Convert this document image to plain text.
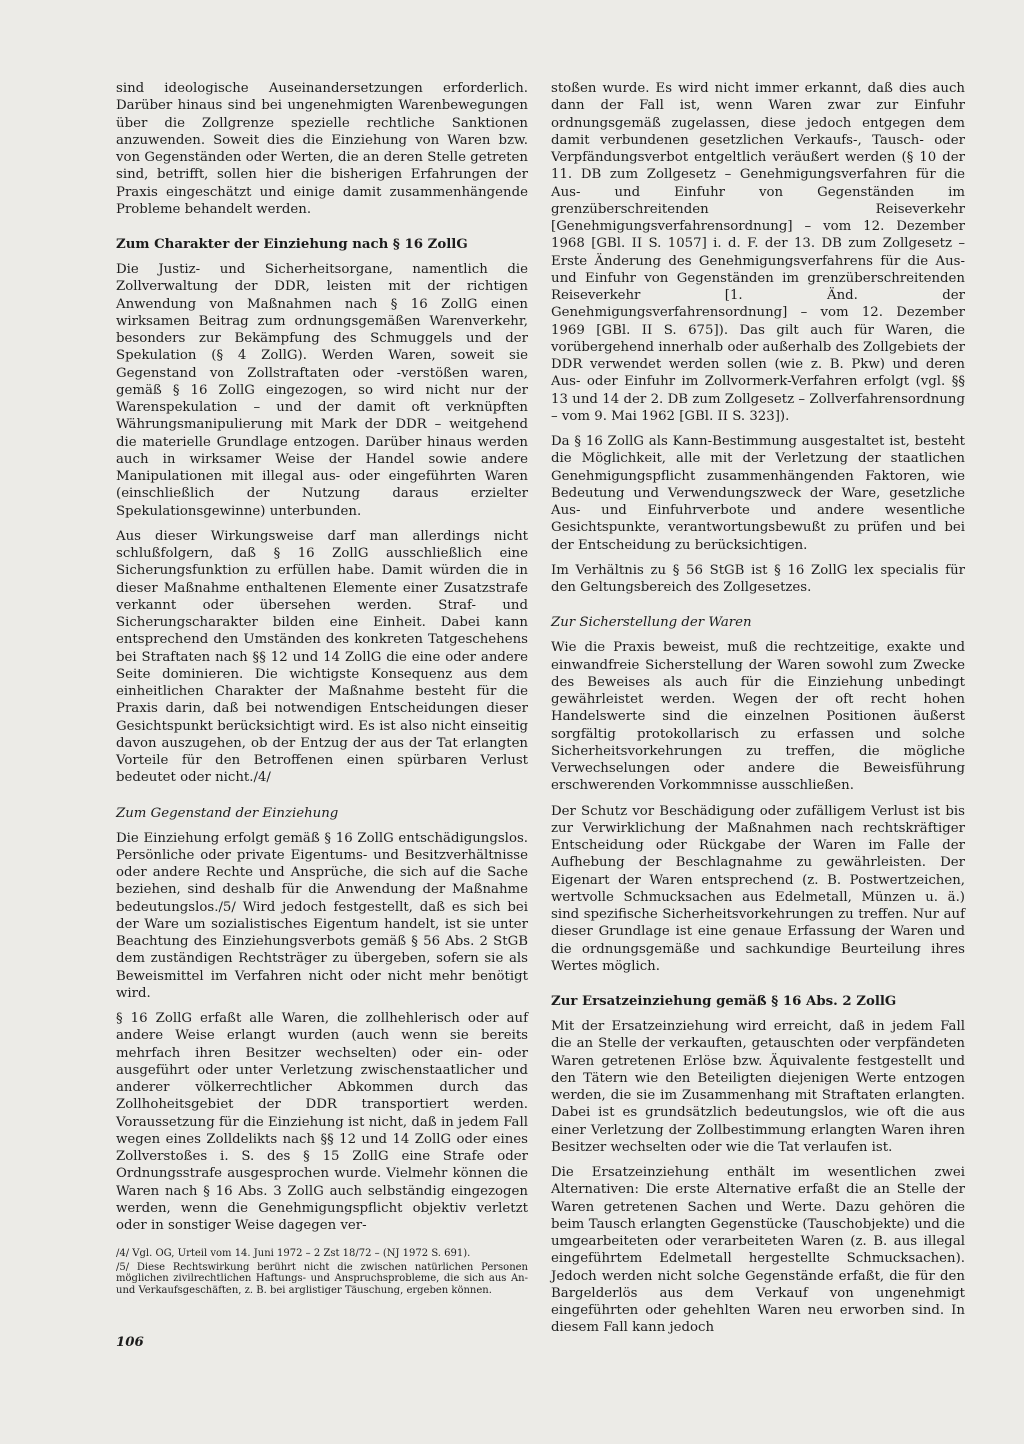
sind ideologische Auseinandersetzungen erforderlich. Darüber hinaus sind bei ungenehmigten Warenbewegungen über die Zollgrenze spezielle rechtliche Sanktionen anzuwenden. Soweit dies die Einziehung von Waren bzw. von Gegenständen oder Werten, die an deren Stelle getreten sind, betrifft, sollen hier die bisherigen Erfahrungen der Praxis eingeschätzt und einige damit zusammenhängende Probleme behandelt werden.

Zum Charakter der Einziehung nach § 16 ZollG

Die Justiz- und Sicherheitsorgane, namentlich die Zollverwaltung der DDR, leisten mit der richtigen Anwendung von Maßnahmen nach § 16 ZollG einen wirksamen Beitrag zum ordnungsgemäßen Warenverkehr, besonders zur Bekämpfung des Schmuggels und der Spekulation (§ 4 ZollG). Werden Waren, soweit sie Gegenstand von Zollstraftaten oder -verstößen waren, gemäß § 16 ZollG eingezogen, so wird nicht nur der Warenspekulation – und der damit oft verknüpften Währungsmanipulierung mit Mark der DDR – weitgehend die materielle Grundlage entzogen. Darüber hinaus werden auch in wirksamer Weise der Handel sowie andere Manipulationen mit illegal aus- oder eingeführten Waren (einschließlich der Nutzung daraus erzielter Spekulationsgewinne) unterbunden.

Aus dieser Wirkungsweise darf man allerdings nicht schlußfolgern, daß § 16 ZollG ausschließlich eine Sicherungsfunktion zu erfüllen habe. Damit würden die in dieser Maßnahme enthaltenen Elemente einer Zusatzstrafe verkannt oder übersehen werden. Straf- und Sicherungscharakter bilden eine Einheit. Dabei kann entsprechend den Umständen des konkreten Tatgeschehens bei Straftaten nach §§ 12 und 14 ZollG die eine oder andere Seite dominieren. Die wichtigste Konsequenz aus dem einheitlichen Charakter der Maßnahme besteht für die Praxis darin, daß bei notwendigen Entscheidungen dieser Gesichtspunkt berücksichtigt wird. Es ist also nicht einseitig davon auszugehen, ob der Entzug der aus der Tat erlangten Vorteile für den Betroffenen einen spürbaren Verlust bedeutet oder nicht./4/

Zum Gegenstand der Einziehung

Die Einziehung erfolgt gemäß § 16 ZollG entschädigungslos. Persönliche oder private Eigentums- und Besitzverhältnisse oder andere Rechte und Ansprüche, die sich auf die Sache beziehen, sind deshalb für die Anwendung der Maßnahme bedeutungslos./5/ Wird jedoch festgestellt, daß es sich bei der Ware um sozialistisches Eigentum handelt, ist sie unter Beachtung des Einziehungsverbots gemäß § 56 Abs. 2 StGB dem zuständigen Rechtsträger zu übergeben, sofern sie als Beweismittel im Verfahren nicht oder nicht mehr benötigt wird.

§ 16 ZollG erfaßt alle Waren, die zollhehlerisch oder auf andere Weise erlangt wurden (auch wenn sie bereits mehrfach ihren Besitzer wechselten) oder ein- oder ausgeführt oder unter Verletzung zwischenstaatlicher und anderer völkerrechtlicher Abkommen durch das Zollhoheitsgebiet der DDR transportiert werden. Voraussetzung für die Einziehung ist nicht, daß in jedem Fall wegen eines Zolldelikts nach §§ 12 und 14 ZollG oder eines Zollverstoßes i. S. des § 15 ZollG eine Strafe oder Ordnungsstrafe ausgesprochen wurde. Vielmehr können die Waren nach § 16 Abs. 3 ZollG auch selbständig eingezogen werden, wenn die Genehmigungspflicht objektiv verletzt oder in sonstiger Weise dagegen ver-

/4/ Vgl. OG, Urteil vom 14. Juni 1972 – 2 Zst 18/72 – (NJ 1972 S. 691).

/5/ Diese Rechtswirkung berührt nicht die zwischen natürlichen Personen möglichen zivilrechtlichen Haftungs- und Anspruchsprobleme, die sich aus An- und Verkaufsgeschäften, z. B. bei arglistiger Täuschung, ergeben können.

stoßen wurde. Es wird nicht immer erkannt, daß dies auch dann der Fall ist, wenn Waren zwar zur Einfuhr ordnungsgemäß zugelassen, diese jedoch entgegen dem damit verbundenen gesetzlichen Verkaufs-, Tausch- oder Verpfändungsverbot entgeltlich veräußert werden (§ 10 der 11. DB zum Zollgesetz – Genehmigungsverfahren für die Aus- und Einfuhr von Gegenständen im grenzüberschreitenden Reiseverkehr [Genehmigungsverfahrensordnung] – vom 12. Dezember 1968 [GBl. II S. 1057] i. d. F. der 13. DB zum Zollgesetz – Erste Änderung des Genehmigungsverfahrens für die Aus- und Einfuhr von Gegenständen im grenzüberschreitenden Reiseverkehr [1. Änd. der Genehmigungsverfahrensordnung] – vom 12. Dezember 1969 [GBl. II S. 675]). Das gilt auch für Waren, die vorübergehend innerhalb oder außerhalb des Zollgebiets der DDR verwendet werden sollen (wie z. B. Pkw) und deren Aus- oder Einfuhr im Zollvormerk-Verfahren erfolgt (vgl. §§ 13 und 14 der 2. DB zum Zollgesetz – Zollverfahrensordnung – vom 9. Mai 1962 [GBl. II S. 323]).

Da § 16 ZollG als Kann-Bestimmung ausgestaltet ist, besteht die Möglichkeit, alle mit der Verletzung der staatlichen Genehmigungspflicht zusammenhängenden Faktoren, wie Bedeutung und Verwendungszweck der Ware, gesetzliche Aus- und Einfuhrverbote und andere wesentliche Gesichtspunkte, verantwortungsbewußt zu prüfen und bei der Entscheidung zu berücksichtigen.

Im Verhältnis zu § 56 StGB ist § 16 ZollG lex specialis für den Geltungsbereich des Zollgesetzes.

Zur Sicherstellung der Waren

Wie die Praxis beweist, muß die rechtzeitige, exakte und einwandfreie Sicherstellung der Waren sowohl zum Zwecke des Beweises als auch für die Einziehung unbedingt gewährleistet werden. Wegen der oft recht hohen Handelswerte sind die einzelnen Positionen äußerst sorgfältig protokollarisch zu erfassen und solche Sicherheitsvorkehrungen zu treffen, die mögliche Verwechselungen oder andere die Beweisführung erschwerenden Vorkommnisse ausschließen.

Der Schutz vor Beschädigung oder zufälligem Verlust ist bis zur Verwirklichung der Maßnahmen nach rechtskräftiger Entscheidung oder Rückgabe der Waren im Falle der Aufhebung der Beschlagnahme zu gewährleisten. Der Eigenart der Waren entsprechend (z. B. Postwertzeichen, wertvolle Schmucksachen aus Edelmetall, Münzen u. ä.) sind spezifische Sicherheitsvorkehrungen zu treffen. Nur auf dieser Grundlage ist eine genaue Erfassung der Waren und die ordnungsgemäße und sachkundige Beurteilung ihres Wertes möglich.

Zur Ersatzeinziehung gemäß § 16 Abs. 2 ZollG

Mit der Ersatzeinziehung wird erreicht, daß in jedem Fall die an Stelle der verkauften, getauschten oder verpfändeten Waren getretenen Erlöse bzw. Äquivalente festgestellt und den Tätern wie den Beteiligten diejenigen Werte entzogen werden, die sie im Zusammenhang mit Straftaten erlangten. Dabei ist es grundsätzlich bedeutungslos, wie oft die aus einer Verletzung der Zollbestimmung erlangten Waren ihren Besitzer wechselten oder wie die Tat verlaufen ist.

Die Ersatzeinziehung enthält im wesentlichen zwei Alternativen: Die erste Alternative erfaßt die an Stelle der Waren getretenen Sachen und Werte. Dazu gehören die beim Tausch erlangten Gegenstücke (Tauschobjekte) und die umgearbeiteten oder verarbeiteten Waren (z. B. aus illegal eingeführtem Edelmetall hergestellte Schmucksachen). Jedoch werden nicht solche Gegenstände erfaßt, die für den Bargelderlös aus dem Verkauf von ungenehmigt eingeführten oder gehehlten Waren neu erworben sind. In diesem Fall kann jedoch

106
